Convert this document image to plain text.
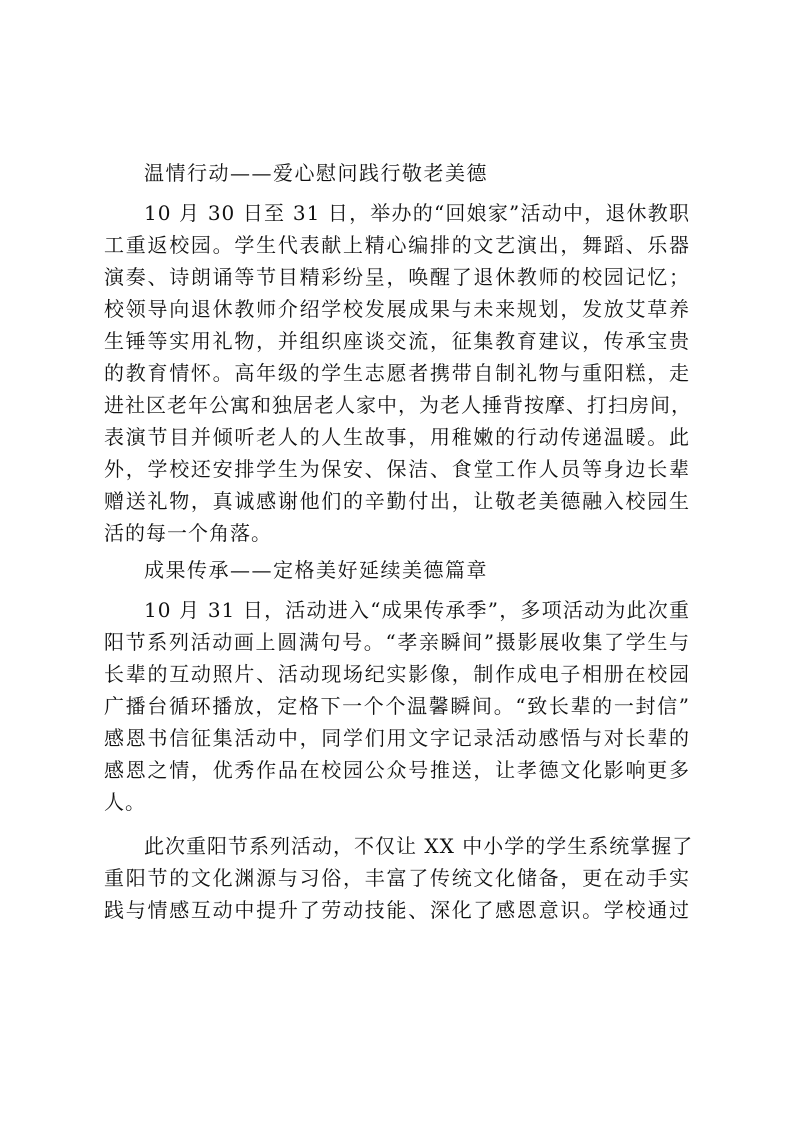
温情行动——爱心慰问践行敬老美德
10 月 30 日至 31 日，举办的“回娘家”活动中，退休教职
工重返校园。学生代表献上精心编排的文艺演出，舞蹈、乐器
演奏、诗朗诵等节目精彩纷呈，唤醒了退休教师的校园记忆；
校领导向退休教师介绍学校发展成果与未来规划，发放艾草养
生锤等实用礼物，并组织座谈交流，征集教育建议，传承宝贵
的教育情怀。高年级的学生志愿者携带自制礼物与重阳糕，走
进社区老年公寓和独居老人家中，为老人捶背按摩、打扫房间，
表演节目并倾听老人的人生故事，用稚嫩的行动传递温暖。此
外，学校还安排学生为保安、保洁、食堂工作人员等身边长辈
赠送礼物，真诚感谢他们的辛勤付出，让敬老美德融入校园生
活的每一个角落。
成果传承——定格美好延续美德篇章
10 月 31 日，活动进入“成果传承季”，多项活动为此次重
阳节系列活动画上圆满句号。“孝亲瞬间”摄影展收集了学生与
长辈的互动照片、活动现场纪实影像，制作成电子相册在校园
广播台循环播放，定格下一个个温馨瞬间。“致长辈的一封信”
感恩书信征集活动中，同学们用文字记录活动感悟与对长辈的
感恩之情，优秀作品在校园公众号推送，让孝德文化影响更多
人。
此次重阳节系列活动，不仅让 XX 中小学的学生系统掌握了
重阳节的文化渊源与习俗，丰富了传统文化储备，更在动手实
践与情感互动中提升了劳动技能、深化了感恩意识。学校通过
